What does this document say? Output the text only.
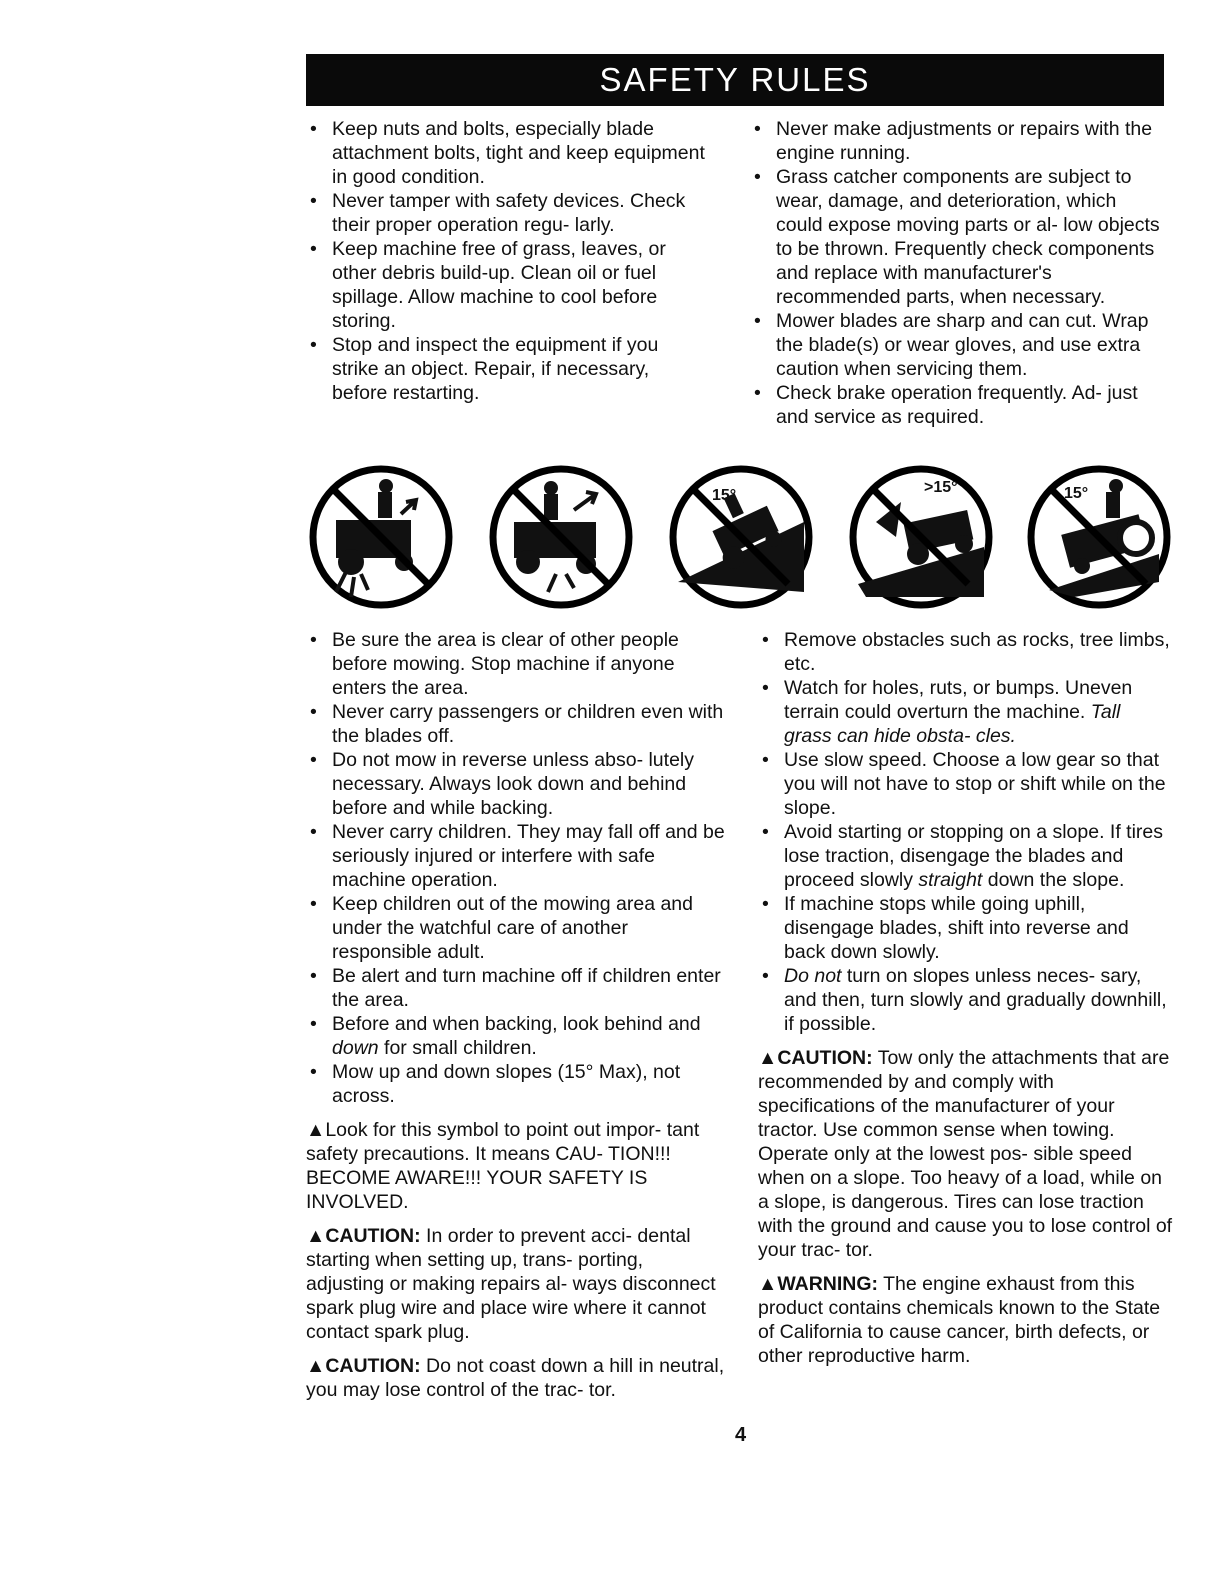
SAFETY RULES
• Keep nuts and bolts, especially blade attachment bolts, tight and keep equipment in good condition.
• Never tamper with safety devices. Check their proper operation regu- larly.
• Keep machine free of grass, leaves, or other debris build-up. Clean oil or fuel spillage. Allow machine to cool before storing.
• Stop and inspect the equipment if you strike an object. Repair, if necessary, before restarting.
• Never make adjustments or repairs with the engine running.
• Grass catcher components are subject to wear, damage, and deterioration, which could expose moving parts or al- low objects to be thrown. Frequently check components and replace with manufacturer's recommended parts, when necessary.
• Mower blades are sharp and can cut. Wrap the blade(s) or wear gloves, and use extra caution when servicing them.
• Check brake operation frequently. Ad- just and service as required.
15°	>15°	15°
• Be sure the area is clear of other people before mowing. Stop machine if anyone enters the area.
• Never carry passengers or children even with the blades off.
• Do not mow in reverse unless abso- lutely necessary. Always look down and behind before and while backing.
• Never carry children. They may fall off and be seriously injured or interfere with safe machine operation.
• Keep children out of the mowing area and under the watchful care of another responsible adult.
• Be alert and turn machine off if children enter the area.
• Before and when backing, look behind and down for small children.
• Mow up and down slopes (15° Max), not across.

▲Look for this symbol to point out impor- tant safety precautions. It means CAU- TION!!! BECOME AWARE!!! YOUR SAFETY IS INVOLVED.

▲CAUTION: In order to prevent acci- dental starting when setting up, trans- porting, adjusting or making repairs al- ways disconnect spark plug wire and place wire where it cannot contact spark plug.

▲CAUTION: Do not coast down a hill in neutral, you may lose control of the trac- tor.

• Remove obstacles such as rocks, tree limbs, etc.
• Watch for holes, ruts, or bumps. Uneven terrain could overturn the machine. Tall grass can hide obsta- cles.
• Use slow speed. Choose a low gear so that you will not have to stop or shift while on the slope.
• Avoid starting or stopping on a slope. If tires lose traction, disengage the blades and proceed slowly straight down the slope.
• If machine stops while going uphill, disengage blades, shift into reverse and back down slowly.
• Do not turn on slopes unless neces- sary, and then, turn slowly and gradually downhill, if possible.

▲CAUTION: Tow only the attachments that are recommended by and comply with specifications of the manufacturer of your tractor. Use common sense when towing. Operate only at the lowest pos- sible speed when on a slope. Too heavy of a load, while on a slope, is dangerous. Tires can lose traction with the ground and cause you to lose control of your trac- tor.

▲WARNING: The engine exhaust from this product contains chemicals known to the State of California to cause cancer, birth defects, or other reproductive harm.

4
